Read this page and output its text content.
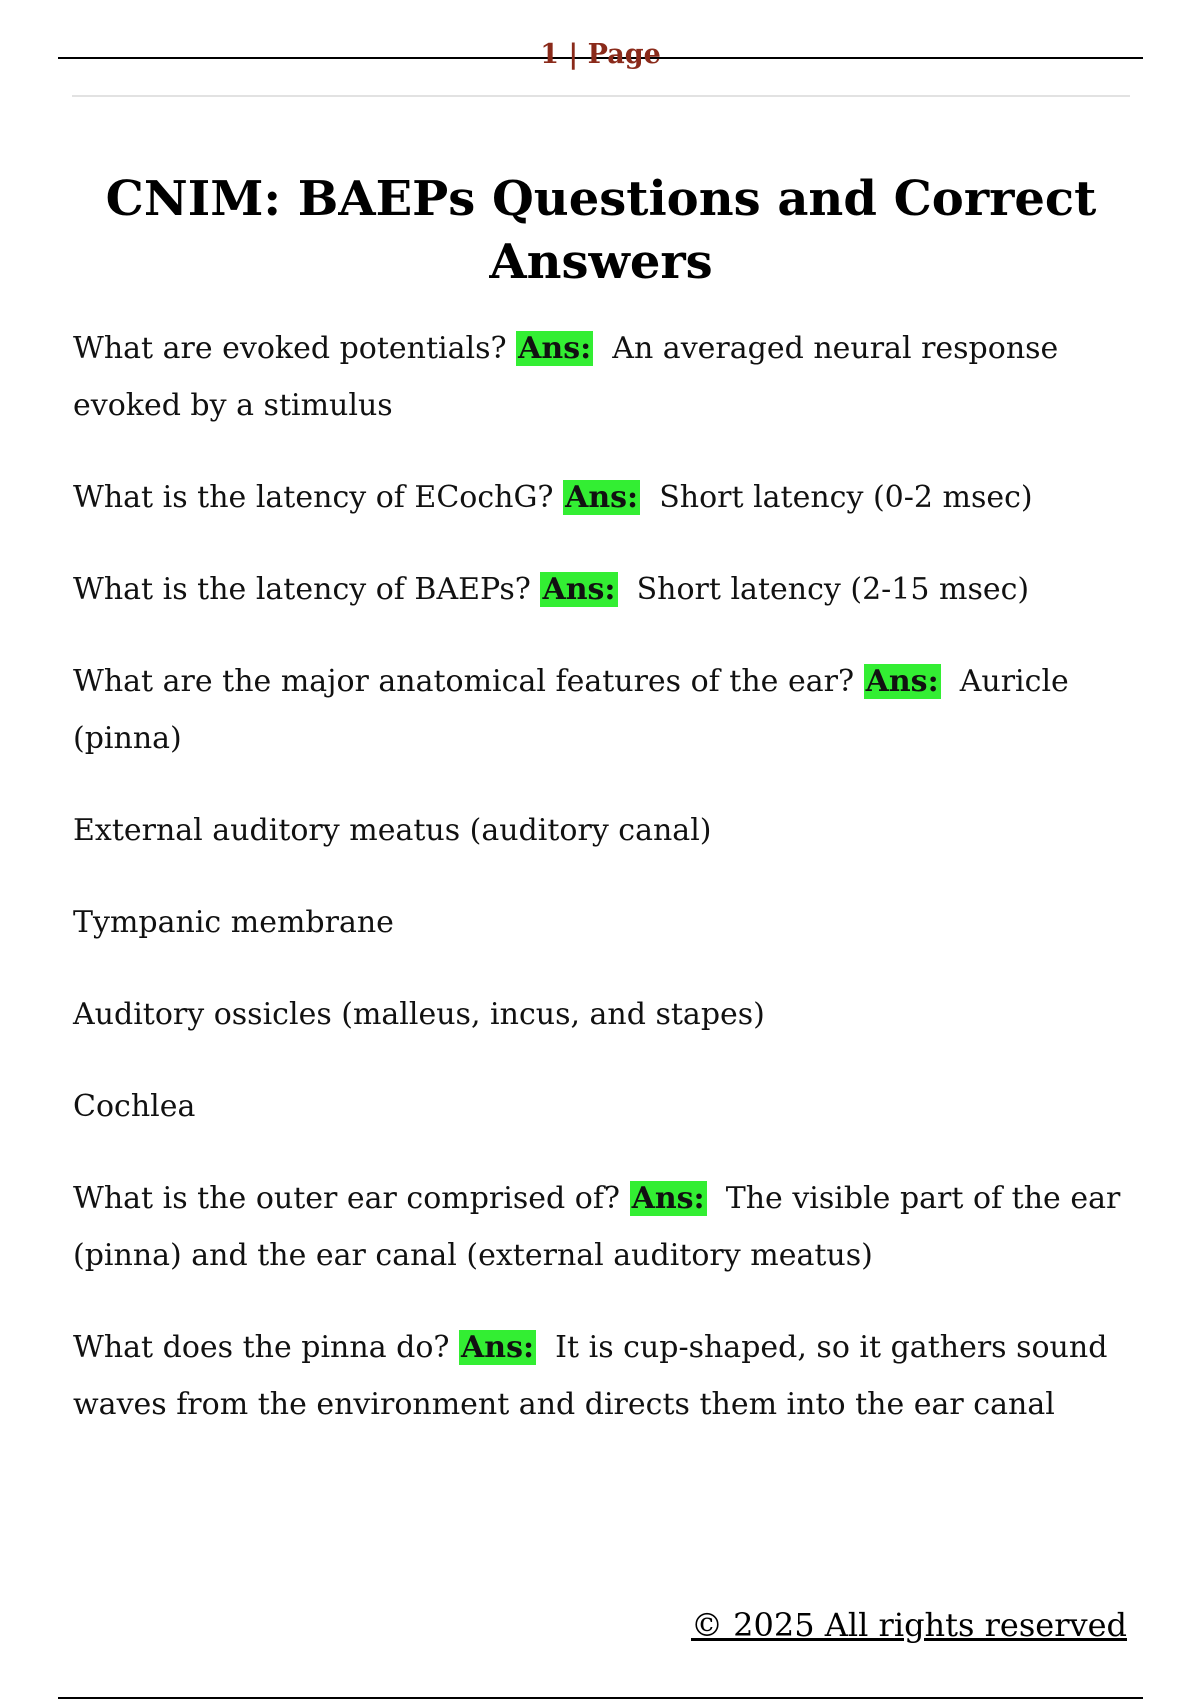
1 | Page
CNIM: BAEPs Questions and Correct Answers

What are evoked potentials? Ans: An averaged neural response evoked by a stimulus

What is the latency of ECochG? Ans: Short latency (0-2 msec)

What is the latency of BAEPs? Ans: Short latency (2-15 msec)

What are the major anatomical features of the ear? Ans: Auricle (pinna)

External auditory meatus (auditory canal)

Tympanic membrane

Auditory ossicles (malleus, incus, and stapes)

Cochlea

What is the outer ear comprised of? Ans: The visible part of the ear (pinna) and the ear canal (external auditory meatus)

What does the pinna do? Ans: It is cup-shaped, so it gathers sound waves from the environment and directs them into the ear canal

© 2025 All rights reserved
